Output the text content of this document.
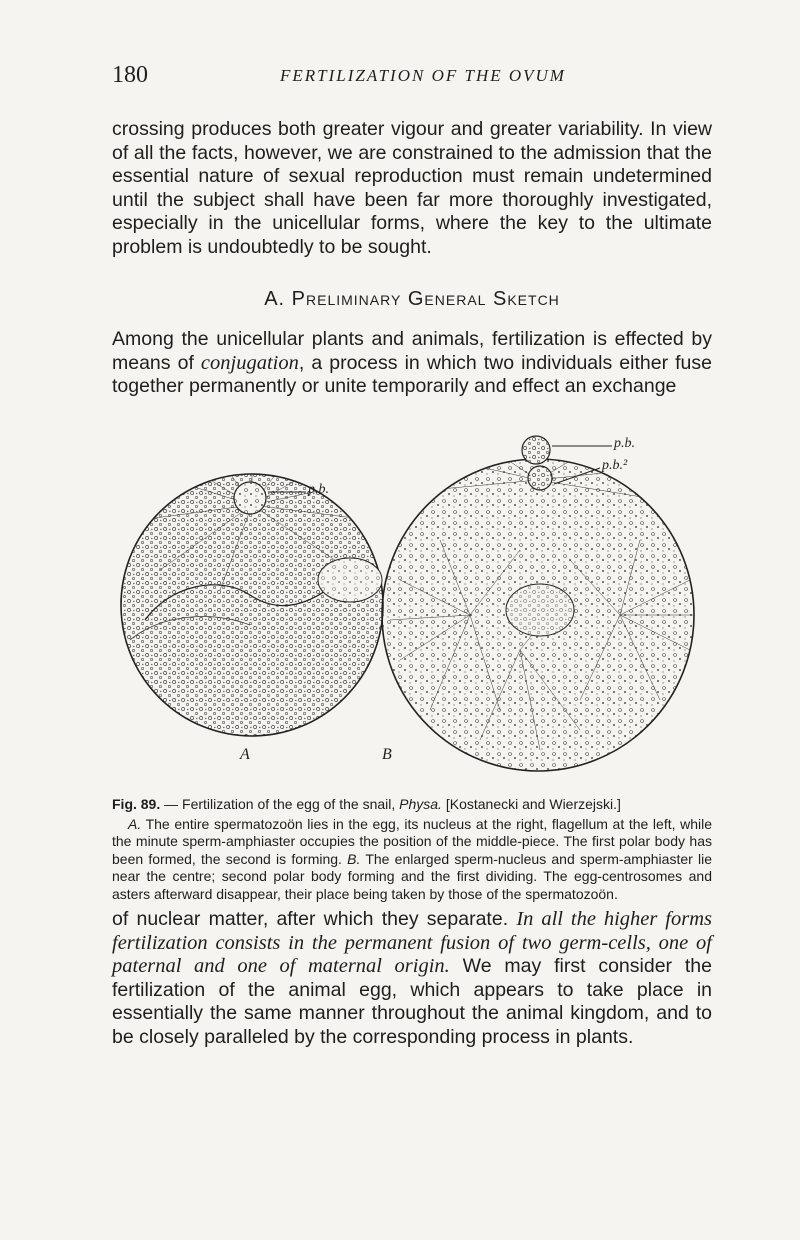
180	FERTILIZATION OF THE OVUM

crossing produces both greater vigour and greater variability. In view of all the facts, however, we are constrained to the admission that the essential nature of sexual reproduction must remain undetermined until the subject shall have been far more thoroughly investigated, especially in the unicellular forms, where the key to the ultimate problem is undoubtedly to be sought.

A. Preliminary General Sketch

Among the unicellular plants and animals, fertilization is effected by means of conjugation, a process in which two individuals either fuse together permanently or unite temporarily and effect an exchange

p.b.
p.b.
p.b.²
A	B

Fig. 89. — Fertilization of the egg of the snail, Physa. [Kostanecki and Wierzejski.]

A. The entire spermatozoön lies in the egg, its nucleus at the right, flagellum at the left, while the minute sperm-amphiaster occupies the position of the middle-piece. The first polar body has been formed, the second is forming. B. The enlarged sperm-nucleus and sperm-amphiaster lie near the centre; second polar body forming and the first dividing. The egg-centrosomes and asters afterward disappear, their place being taken by those of the spermatozoön.

of nuclear matter, after which they separate. In all the higher forms fertilization consists in the permanent fusion of two germ-cells, one of paternal and one of maternal origin. We may first consider the fertilization of the animal egg, which appears to take place in essentially the same manner throughout the animal kingdom, and to be closely paralleled by the corresponding process in plants.
